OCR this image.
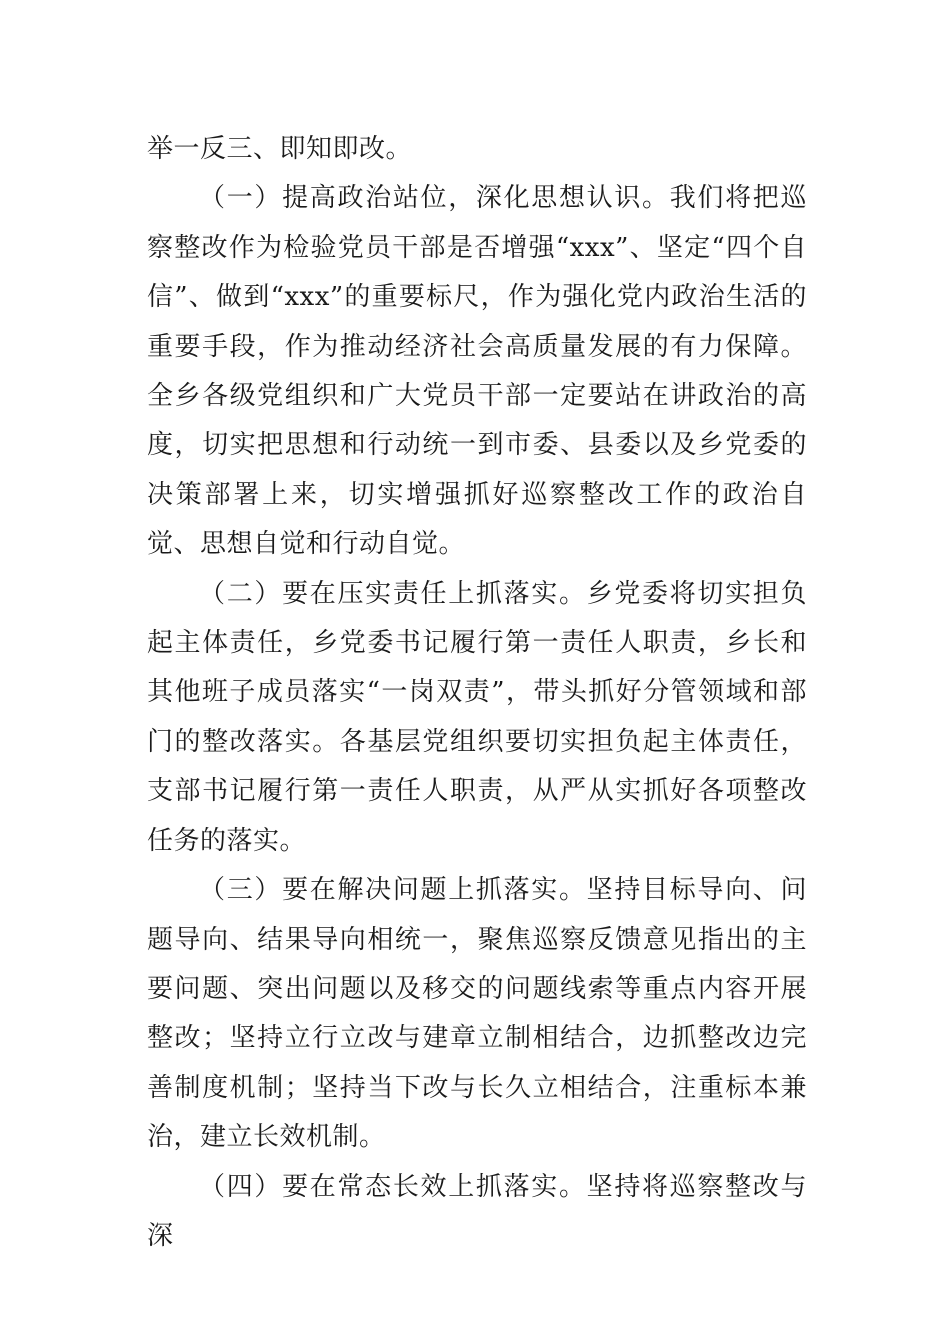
举一反三、即知即改。

（一）提高政治站位，深化思想认识。我们将把巡察整改作为检验党员干部是否增强“xxx”、坚定“四个自信”、做到“xxx”的重要标尺，作为强化党内政治生活的重要手段，作为推动经济社会高质量发展的有力保障。全乡各级党组织和广大党员干部一定要站在讲政治的高度，切实把思想和行动统一到市委、县委以及乡党委的决策部署上来，切实增强抓好巡察整改工作的政治自觉、思想自觉和行动自觉。

（二）要在压实责任上抓落实。乡党委将切实担负起主体责任，乡党委书记履行第一责任人职责，乡长和其他班子成员落实“一岗双责”，带头抓好分管领域和部门的整改落实。各基层党组织要切实担负起主体责任，支部书记履行第一责任人职责，从严从实抓好各项整改任务的落实。

（三）要在解决问题上抓落实。坚持目标导向、问题导向、结果导向相统一，聚焦巡察反馈意见指出的主要问题、突出问题以及移交的问题线索等重点内容开展整改；坚持立行立改与建章立制相结合，边抓整改边完善制度机制；坚持当下改与长久立相结合，注重标本兼治，建立长效机制。

（四）要在常态长效上抓落实。坚持将巡察整改与深
